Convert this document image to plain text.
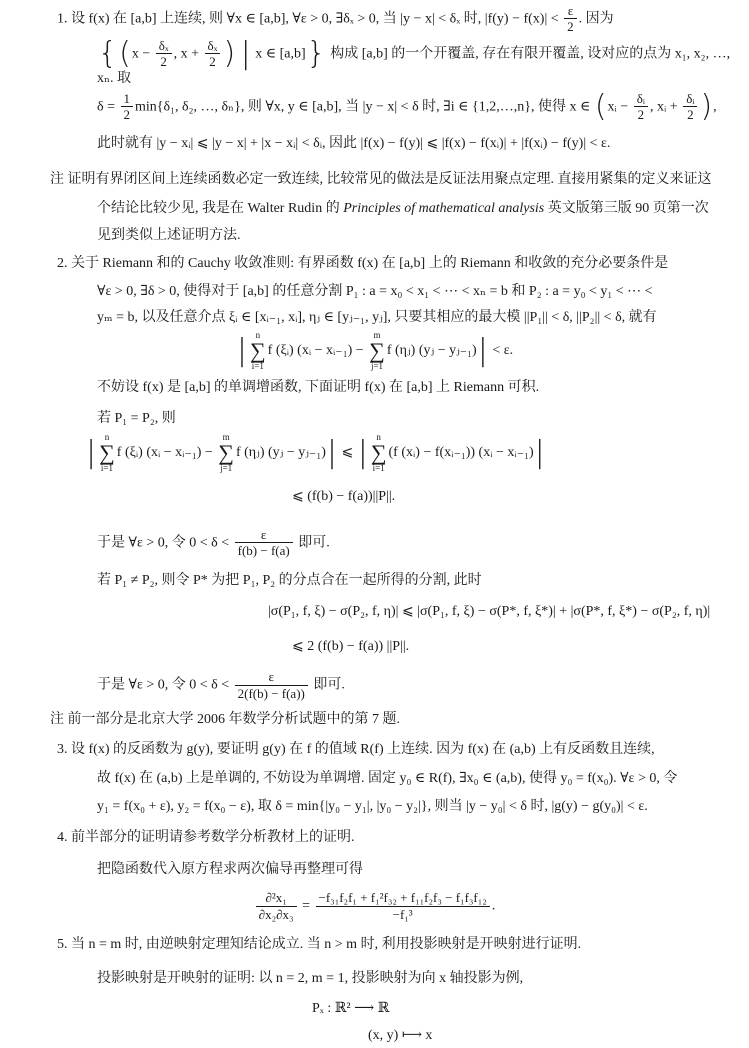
1. 设 f(x) 在 [a,b] 上连续, 则 ∀x ∈ [a,b], ∀ε > 0, ∃δₓ > 0, 当 |y − x| < δₓ 时, $|f(y) - f(x)| < \frac{\varepsilon}{2}$ . 因为
{($x - \frac{\text{δₓ}}{2}$ , $x + \frac{\text{δₓ}}{2}$ ) | x ∈ [a,b]} 构成 [a,b] 的一个开覆盖, 存在有限开覆盖, 设对应的点为 x₁, x₂, …, xₙ. 取
$\delta = \frac{1}{2} \min\{\delta_1$, δ₂, …, δₙ}, 则 ∀x, y ∈ [a,b], 当 |y − x| < δ 时, ∃i ∈ {1,2,…,n}, 使得 x ∈ (xᵢ − $\frac{\text{δᵢ}}{2}$ , xᵢ + $\frac{\text{δᵢ}}{2}$ ),
此时就有 |y − xᵢ| ⩽ |y − x| + |x − xᵢ| < δᵢ, 因此 |f(x) − f(y)| ⩽ |f(x) − f(xᵢ)| + |f(xᵢ) − f(y)| < ε.
注 证明有界闭区间上连续函数必定一致连续, 比较常见的做法是反证法用聚点定理. 直接用紧集的定义来证这
个结论比较少见, 我是在 Walter Rudin 的 Principles of mathematical analysis 英文版第三版 90 页第一次
见到类似上述证明方法.
2. 关于 Riemann 和的 Cauchy 收敛准则: 有界函数 f(x) 在 [a,b] 上的 Riemann 和收敛的充分必要条件是
∀ε > 0, ∃δ > 0, 使得对于 [a,b] 的任意分割 P₁ : a = x₀ < x₁ < ⋯ < xₙ = b 和 P₂ : a = y₀ < y₁ < ⋯ <
yₘ = b, 以及任意介点 ξᵢ ∈ [xᵢ₋₁, xᵢ], ηⱼ ∈ [yⱼ₋₁, yⱼ], 只要其相应的最大模 ||P₁|| < δ, ||P₂|| < δ, 就有
| n
∑
i=1
f (ξᵢ) (xᵢ − xᵢ₋₁) −
m
∑
j=1
f (ηⱼ) (yⱼ − yⱼ₋₁)| < ε.
不妨设 f(x) 是 [a,b] 的单调增函数, 下面证明 f(x) 在 [a,b] 上 Riemann 可积.
若 P₁ = P₂, 则
| n
∑
i=1
f (ξᵢ) (xᵢ − xᵢ₋₁) −
m
∑
j=1
f (ηⱼ) (yⱼ − yⱼ₋₁)| ⩽ | n
∑
i=1
(f (xᵢ) − f(xᵢ₋₁)) (xᵢ − xᵢ₋₁)|
⩽ (f(b) − f(a))||P||.
于是 ∀ε > 0, 令 $0 < \delta < \frac{\varepsilon}{f(b) - f(a)}$ 即可.
若 P₁ ≠ P₂, 则令 P* 为把 P₁, P₂ 的分点合在一起所得的分割, 此时
|σ(P₁, f, ξ) − σ(P₂, f, η)| ⩽ |σ(P₁, f, ξ) − σ(P*, f, ξ*)| + |σ(P*, f, ξ*) − σ(P₂, f, η)|
⩽ 2 (f(b) − f(a)) ||P||.
于是 ∀ε > 0, 令 $0 < \delta < \frac{\varepsilon}{2(f(b) - f(a))}$ 即可.
注 前一部分是北京大学 2006 年数学分析试题中的第 7 题.
3. 设 f(x) 的反函数为 g(y), 要证明 g(y) 在 f 的值域 R(f) 上连续. 因为 f(x) 在 (a,b) 上有反函数且连续,
故 f(x) 在 (a,b) 上是单调的, 不妨设为单调增. 固定 y₀ ∈ R(f), ∃x₀ ∈ (a,b), 使得 y₀ = f(x₀). ∀ε > 0, 令
y₁ = f(x₀ + ε), y₂ = f(x₀ − ε), 取 δ = min{|y₀ − y₁|, |y₀ − y₂|}, 则当 |y − y₀| < δ 时, |g(y) − g(y₀)| < ε.
4. 前半部分的证明请参考数学分析教材上的证明.
把隐函数代入原方程求两次偏导再整理可得
$\frac{\text{∂²x₁}}{\text{∂x₂∂x₃}} = \frac{\text{−f₃₁f₂f₁ + f₁²f₃₂ + f₁₁f₂f₃ − f₁f₃f₁₂}}{\text{−f₁³}}$ .
5. 当 n = m 时, 由逆映射定理知结论成立. 当 n > m 时, 利用投影映射是开映射进行证明.
投影映射是开映射的证明: 以 n = 2, m = 1, 投影映射为向 x 轴投影为例,
Pₓ : ℝ² ⟶ ℝ
(x, y) ⟼ x
